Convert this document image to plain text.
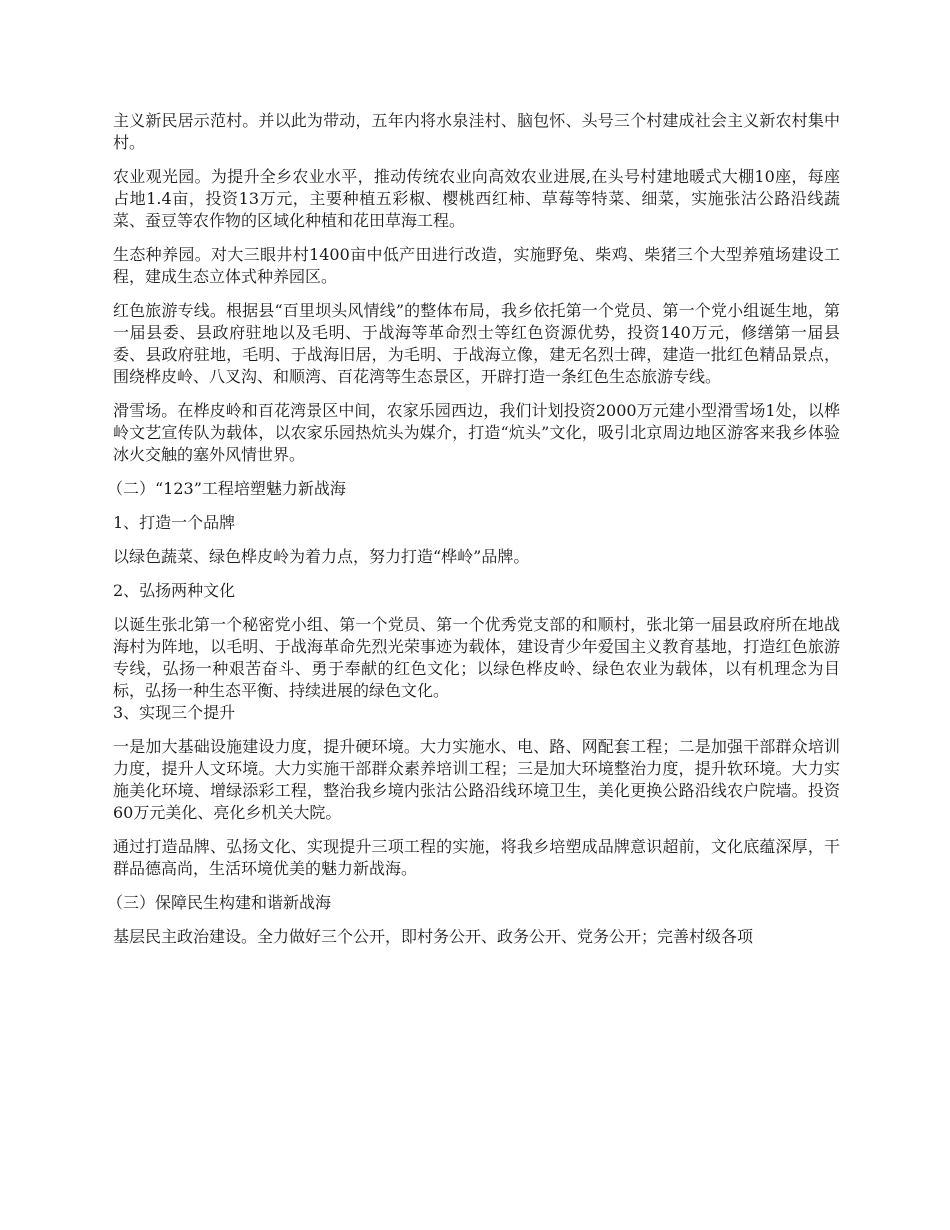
主义新民居示范村。并以此为带动，五年内将水泉洼村、脑包怀、头号三个村建成社会主义新农村集中村。

农业观光园。为提升全乡农业水平，推动传统农业向高效农业进展,在头号村建地暖式大棚10座，每座占地1.4亩，投资13万元，主要种植五彩椒、樱桃西红柿、草莓等特菜、细菜，实施张沽公路沿线蔬菜、蚕豆等农作物的区域化种植和花田草海工程。

生态种养园。对大三眼井村1400亩中低产田进行改造，实施野兔、柴鸡、柴猪三个大型养殖场建设工程，建成生态立体式种养园区。

红色旅游专线。根据县“百里坝头风情线”的整体布局，我乡依托第一个党员、第一个党小组诞生地，第一届县委、县政府驻地以及毛明、于战海等革命烈士等红色资源优势，投资140万元，修缮第一届县委、县政府驻地，毛明、于战海旧居，为毛明、于战海立像，建无名烈士碑，建造一批红色精品景点，围绕桦皮岭、八叉沟、和顺湾、百花湾等生态景区，开辟打造一条红色生态旅游专线。

滑雪场。在桦皮岭和百花湾景区中间，农家乐园西边，我们计划投资2000万元建小型滑雪场1处，以桦岭文艺宣传队为载体，以农家乐园热炕头为媒介，打造“炕头”文化，吸引北京周边地区游客来我乡体验冰火交触的塞外风情世界。

（二）“123”工程培塑魅力新战海

1、打造一个品牌

以绿色蔬菜、绿色桦皮岭为着力点，努力打造“桦岭”品牌。

2、弘扬两种文化

以诞生张北第一个秘密党小组、第一个党员、第一个优秀党支部的和顺村，张北第一届县政府所在地战海村为阵地，以毛明、于战海革命先烈光荣事迹为载体，建设青少年爱国主义教育基地，打造红色旅游专线，弘扬一种艰苦奋斗、勇于奉献的红色文化；以绿色桦皮岭、绿色农业为载体，以有机理念为目标，弘扬一种生态平衡、持续进展的绿色文化。

3、实现三个提升

一是加大基础设施建设力度，提升硬环境。大力实施水、电、路、网配套工程；二是加强干部群众培训力度，提升人文环境。大力实施干部群众素养培训工程；三是加大环境整治力度，提升软环境。大力实施美化环境、增绿添彩工程，整治我乡境内张沽公路沿线环境卫生，美化更换公路沿线农户院墙。投资60万元美化、亮化乡机关大院。

通过打造品牌、弘扬文化、实现提升三项工程的实施，将我乡培塑成品牌意识超前，文化底蕴深厚，干群品德高尚，生活环境优美的魅力新战海。

（三）保障民生构建和谐新战海

基层民主政治建设。全力做好三个公开，即村务公开、政务公开、党务公开；完善村级各项
